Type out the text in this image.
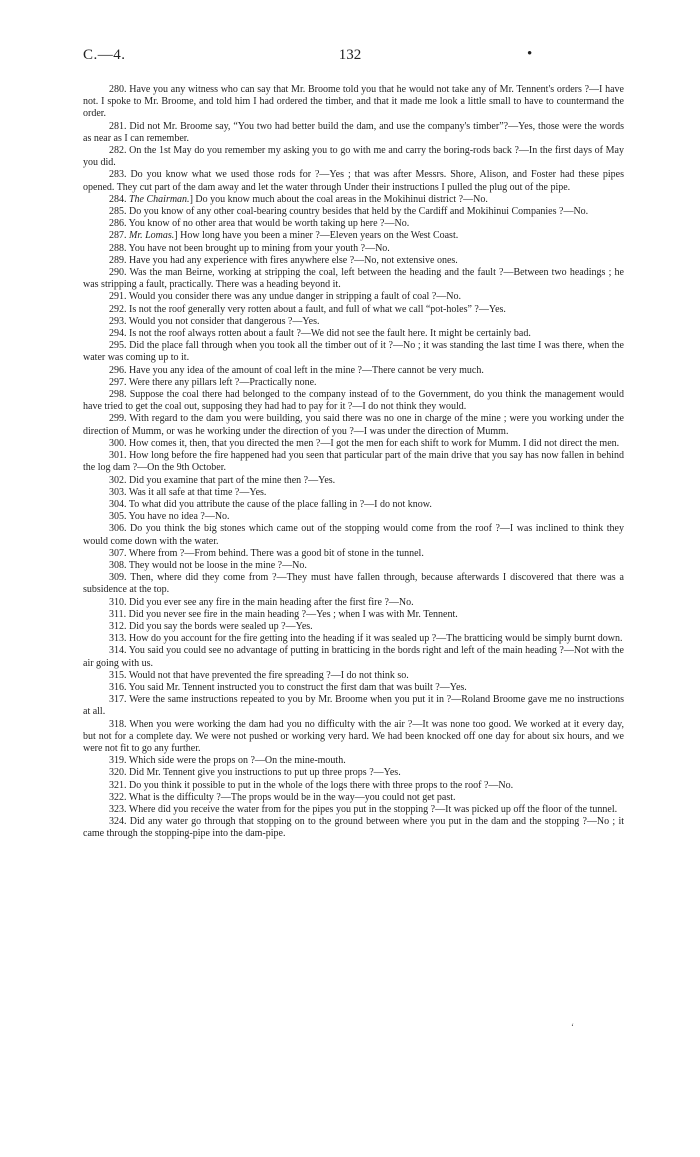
C.—4.	132	•

280. Have you any witness who can say that Mr. Broome told you that he would not take any of Mr. Tennent's orders ?—I have not. I spoke to Mr. Broome, and told him I had ordered the timber, and that it made me look a little small to have to countermand the order.

281. Did not Mr. Broome say, “You two had better build the dam, and use the company's timber”?—Yes, those were the words as near as I can remember.

282. On the 1st May do you remember my asking you to go with me and carry the boring-rods back ?—In the first days of May you did.

283. Do you know what we used those rods for ?—Yes ; that was after Messrs. Shore, Alison, and Foster had these pipes opened. They cut part of the dam away and let the water through Under their instructions I pulled the plug out of the pipe.

284. The Chairman.] Do you know much about the coal areas in the Mokihinui district ?—No.

285. Do you know of any other coal-bearing country besides that held by the Cardiff and Mokihinui Companies ?—No.

286. You know of no other area that would be worth taking up here ?—No.

287. Mr. Lomas.] How long have you been a miner ?—Eleven years on the West Coast.

288. You have not been brought up to mining from your youth ?—No.

289. Have you had any experience with fires anywhere else ?—No, not extensive ones.

290. Was the man Beirne, working at stripping the coal, left between the heading and the fault ?—Between two headings ; he was stripping a fault, practically. There was a heading beyond it.

291. Would you consider there was any undue danger in stripping a fault of coal ?—No.

292. Is not the roof generally very rotten about a fault, and full of what we call “pot-holes” ?—Yes.

293. Would you not consider that dangerous ?—Yes.

294. Is not the roof always rotten about a fault ?—We did not see the fault here. It might be certainly bad.

295. Did the place fall through when you took all the timber out of it ?—No ; it was standing the last time I was there, when the water was coming up to it.

296. Have you any idea of the amount of coal left in the mine ?—There cannot be very much.

297. Were there any pillars left ?—Practically none.

298. Suppose the coal there had belonged to the company instead of to the Government, do you think the management would have tried to get the coal out, supposing they had had to pay for it ?—I do not think they would.

299. With regard to the dam you were building, you said there was no one in charge of the mine ; were you working under the direction of Mumm, or was he working under the direction of you ?—I was under the direction of Mumm.

300. How comes it, then, that you directed the men ?—I got the men for each shift to work for Mumm. I did not direct the men.

301. How long before the fire happened had you seen that particular part of the main drive that you say has now fallen in behind the log dam ?—On the 9th October.

302. Did you examine that part of the mine then ?—Yes.

303. Was it all safe at that time ?—Yes.

304. To what did you attribute the cause of the place falling in ?—I do not know.

305. You have no idea ?—No.

306. Do you think the big stones which came out of the stopping would come from the roof ?—I was inclined to think they would come down with the water.

307. Where from ?—From behind. There was a good bit of stone in the tunnel.

308. They would not be loose in the mine ?—No.

309. Then, where did they come from ?—They must have fallen through, because afterwards I discovered that there was a subsidence at the top.

310. Did you ever see any fire in the main heading after the first fire ?—No.

311. Did you never see fire in the main heading ?—Yes ; when I was with Mr. Tennent.

312. Did you say the bords were sealed up ?—Yes.

313. How do you account for the fire getting into the heading if it was sealed up ?—The bratticing would be simply burnt down.

314. You said you could see no advantage of putting in bratticing in the bords right and left of the main heading ?—Not with the air going with us.

315. Would not that have prevented the fire spreading ?—I do not think so.

316. You said Mr. Tennent instructed you to construct the first dam that was built ?—Yes.

317. Were the same instructions repeated to you by Mr. Broome when you put it in ?—Roland Broome gave me no instructions at all.

318. When you were working the dam had you no difficulty with the air ?—It was none too good. We worked at it every day, but not for a complete day. We were not pushed or working very hard. We had been knocked off one day for about six hours, and we were not fit to go any further.

319. Which side were the props on ?—On the mine-mouth.

320. Did Mr. Tennent give you instructions to put up three props ?—Yes.

321. Do you think it possible to put in the whole of the logs there with three props to the roof ?—No.

322. What is the difficulty ?—The props would be in the way—you could not get past.

323. Where did you receive the water from for the pipes you put in the stopping ?—It was picked up off the floor of the tunnel.

324. Did any water go through that stopping on to the ground between where you put in the dam and the stopping ?—No ; it came through the stopping-pipe into the dam-pipe.

‘
